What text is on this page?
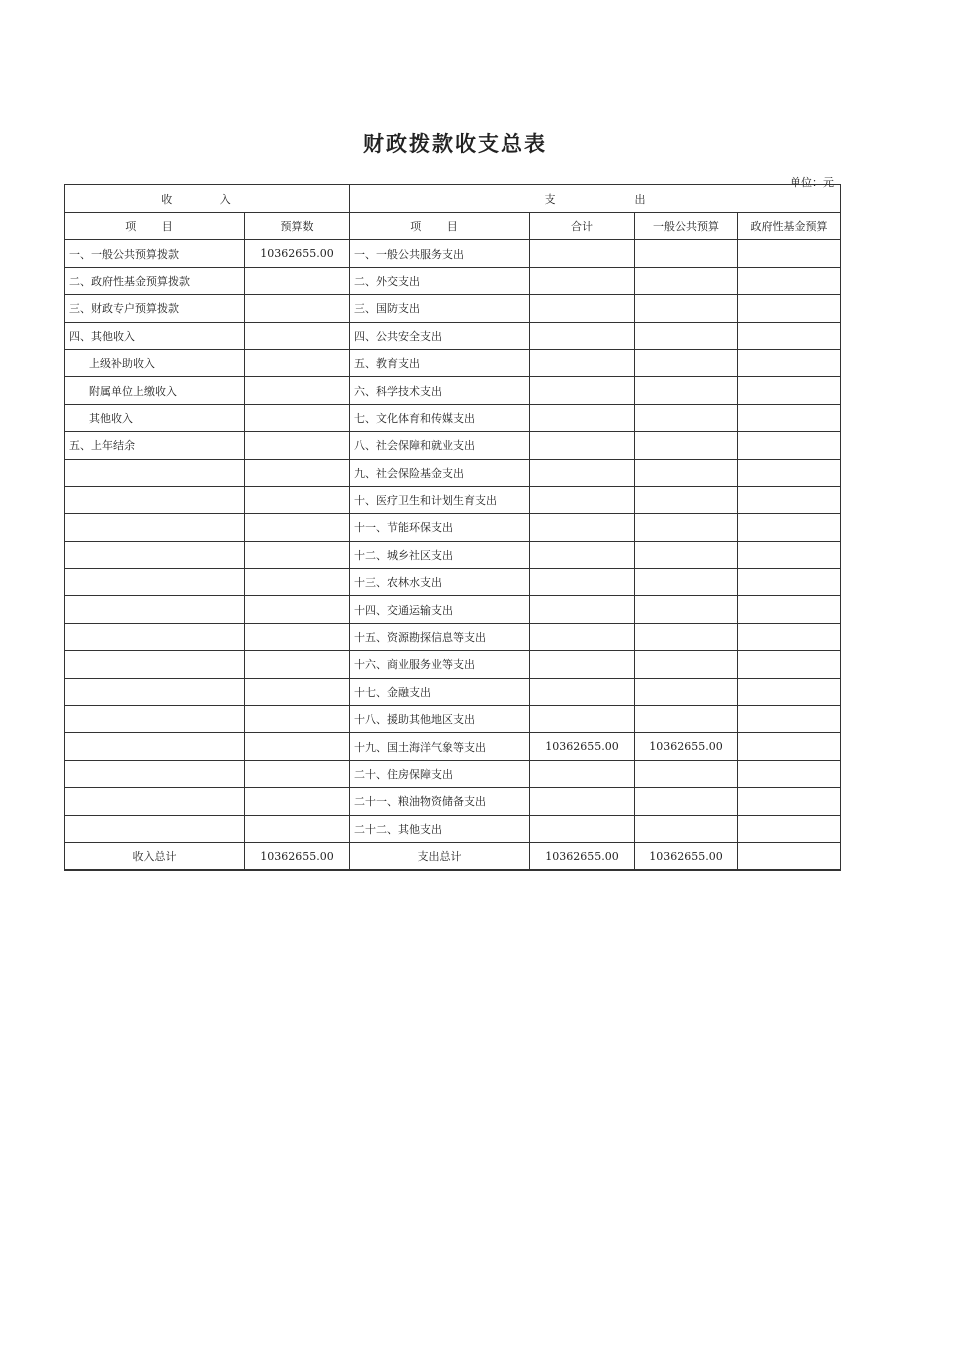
财政拨款收支总表
单位：元
收 入		支 出			
项 目	预算数	项 目	合计	一般公共预算	政府性基金预算
一、一般公共预算拨款	10362655.00	一、一般公共服务支出			
二、政府性基金预算拨款		二、外交支出			
三、财政专户预算拨款		三、国防支出			
四、其他收入		四、公共安全支出			
上级补助收入		五、教育支出			
附属单位上缴收入		六、科学技术支出			
其他收入		七、文化体育和传媒支出			
五、上年结余		八、社会保障和就业支出			
		九、社会保险基金支出			
		十、医疗卫生和计划生育支出			
		十一、节能环保支出			
		十二、城乡社区支出			
		十三、农林水支出			
		十四、交通运输支出			
		十五、资源勘探信息等支出			
		十六、商业服务业等支出			
		十七、金融支出			
		十八、援助其他地区支出			
		十九、国土海洋气象等支出	10362655.00	10362655.00	
		二十、住房保障支出			
		二十一、粮油物资储备支出			
		二十二、其他支出			
收入总计	10362655.00	支出总计	10362655.00	10362655.00	
